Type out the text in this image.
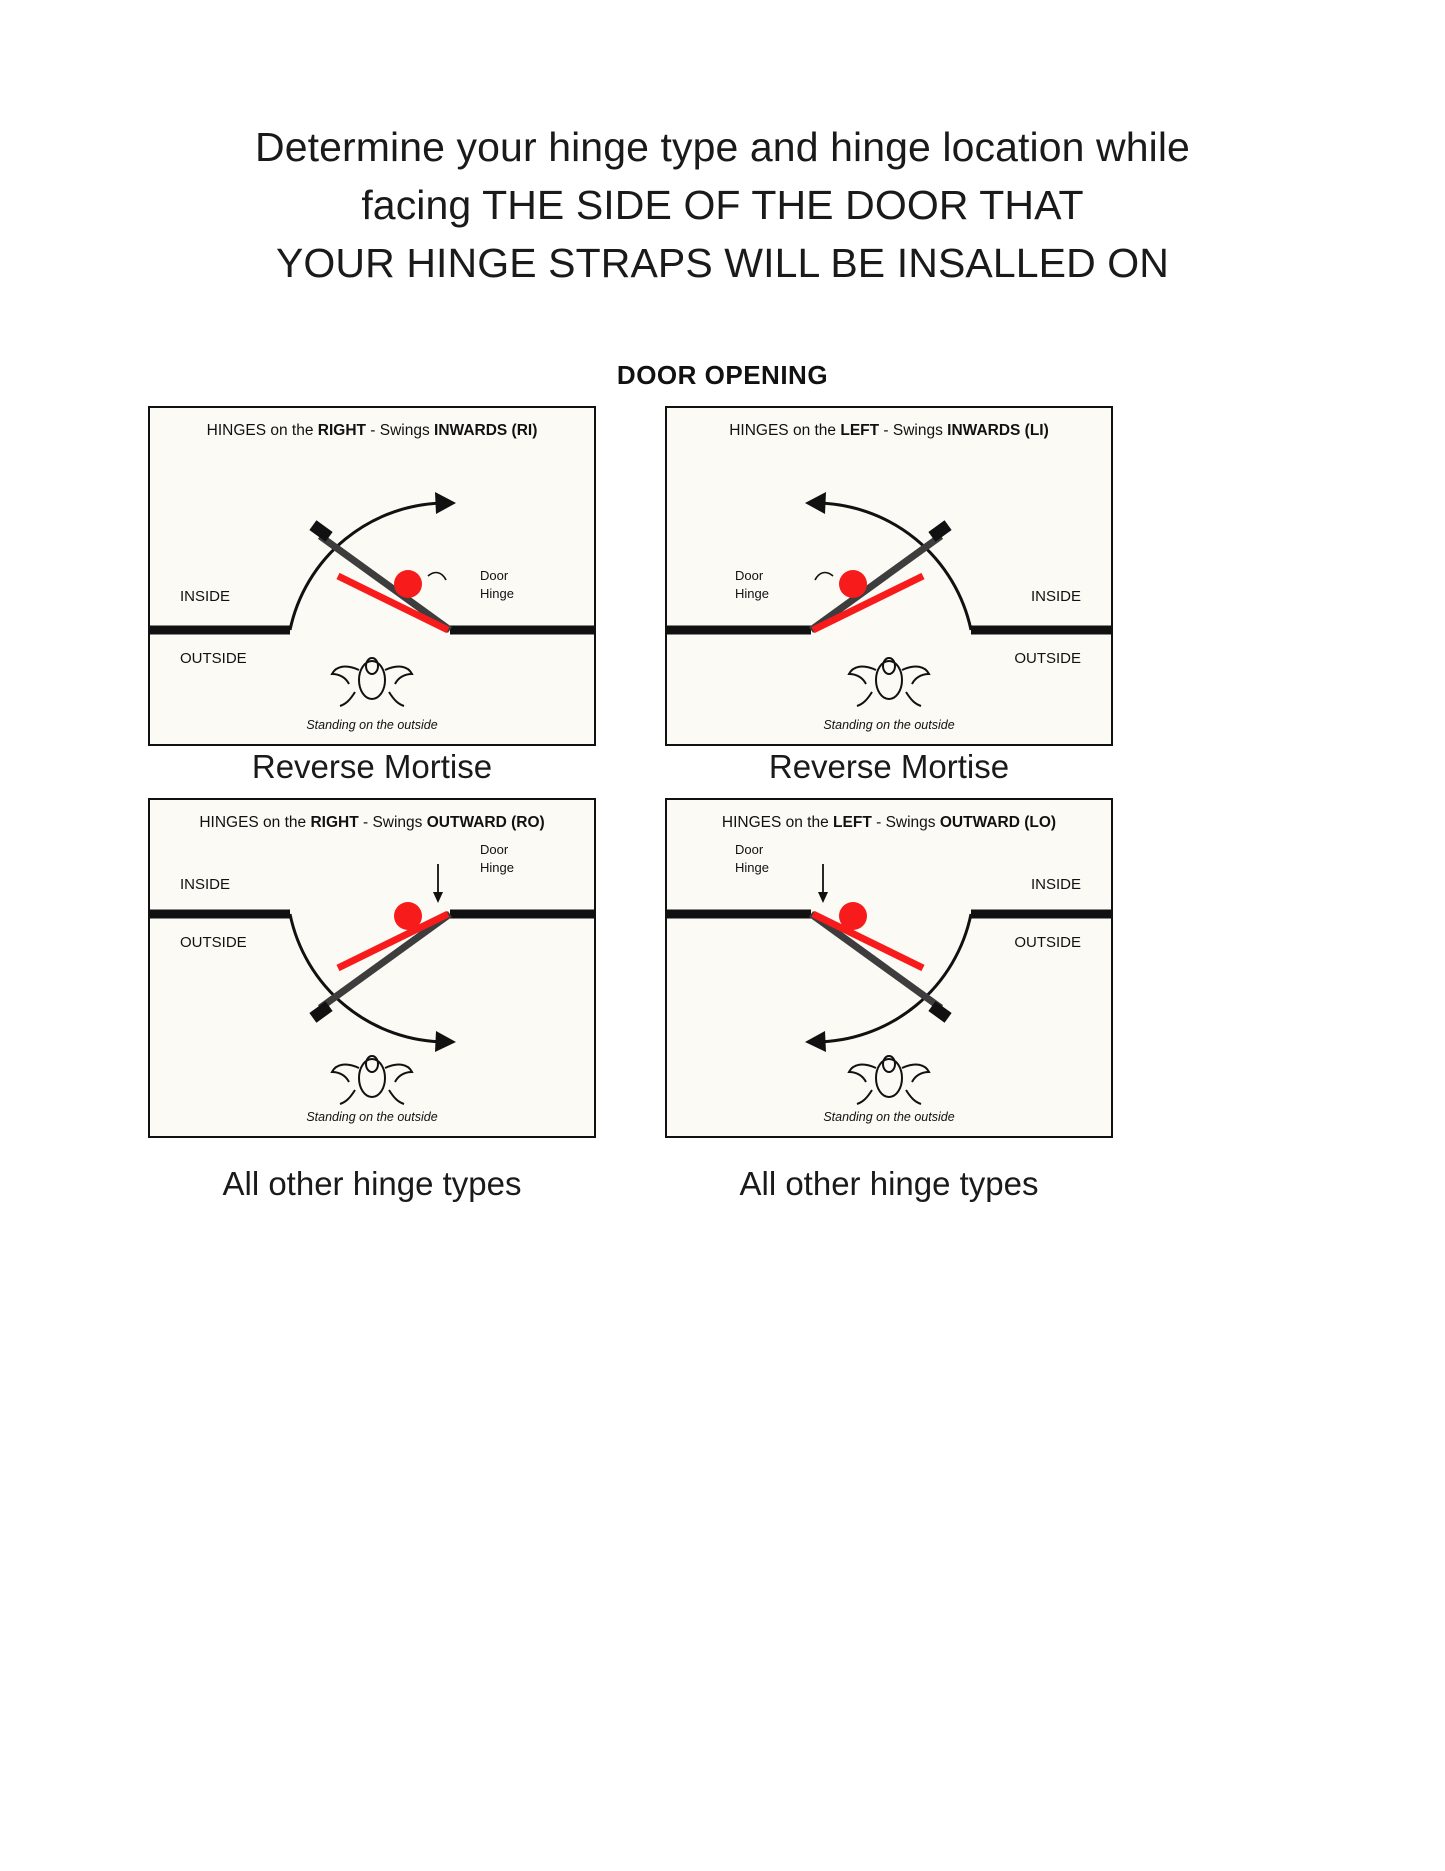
Determine your hinge type and hinge location while
facing THE SIDE OF THE DOOR THAT
YOUR HINGE STRAPS WILL BE INSALLED ON
DOOR OPENING
HINGES on the RIGHT - Swings INWARDS (RI)
INSIDE
OUTSIDE
Door
Hinge
Standing on the outside
HINGES on the LEFT - Swings INWARDS (LI)
INSIDE
OUTSIDE
Door
Hinge
Standing on the outside
HINGES on the RIGHT - Swings OUTWARD (RO)
INSIDE
OUTSIDE
Door
Hinge
Standing on the outside
HINGES on the LEFT - Swings OUTWARD (LO)
INSIDE
OUTSIDE
Door
Hinge
Standing on the outside
Reverse Mortise	Reverse Mortise
All other hinge types	All other hinge types
